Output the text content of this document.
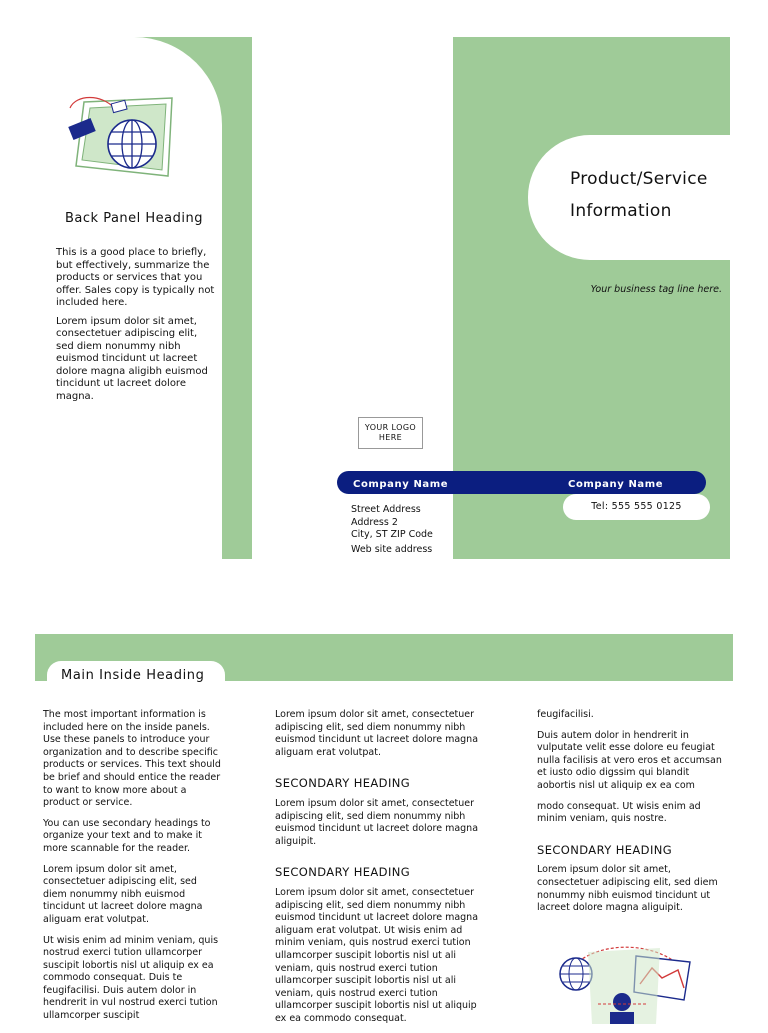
Back Panel Heading

This is a good place to briefly, but effectively, summarize the products or services that you offer. Sales copy is typically not included here.

Lorem ipsum dolor sit amet, consectetuer adipiscing elit, sed diem nonummy nibh euismod tincidunt ut lacreet dolore magna aligibh euismod tincidunt ut lacreet dolore magna.

Product/Service
Information
Your business tag line here.
YOUR LOGO
HERE
Company Name	Company Name
Tel: 555 555 0125
Street Address
Address 2
City, ST ZIP Code
Web site address
Main Inside Heading

The most important information is included here on the inside panels. Use these panels to introduce your organization and to describe specific products or services. This text should be brief and should entice the reader to want to know more about a product or service.

You can use secondary headings to organize your text and to make it more scannable for the reader.

Lorem ipsum dolor sit amet, consectetuer adipiscing elit, sed diem nonummy nibh euismod tincidunt ut lacreet dolore magna aliguam erat volutpat.

Ut wisis enim ad minim veniam, quis nostrud exerci tution ullamcorper suscipit lobortis nisl ut aliquip ex ea commodo consequat. Duis te feugifacilisi. Duis autem dolor in hendrerit in vul nostrud exerci tution ullamcorper suscipit

Lorem ipsum dolor sit amet, consectetuer adipiscing elit, sed diem nonummy nibh euismod tincidunt ut lacreet dolore magna aliguam erat volutpat.

SECONDARY HEADING

Lorem ipsum dolor sit amet, consectetuer adipiscing elit, sed diem nonummy nibh euismod tincidunt ut lacreet dolore magna aliguipit.

SECONDARY HEADING

Lorem ipsum dolor sit amet, consectetuer adipiscing elit, sed diem nonummy nibh euismod tincidunt ut lacreet dolore magna aliguam erat volutpat. Ut wisis enim ad minim veniam, quis nostrud exerci tution ullamcorper suscipit lobortis nisl ut ali veniam, quis nostrud exerci tution ullamcorper suscipit lobortis nisl ut ali veniam, quis nostrud exerci tution ullamcorper suscipit lobortis nisl ut aliquip ex ea commodo consequat.

feugifacilisi.

Duis autem dolor in hendrerit in vulputate velit esse dolore eu feugiat nulla facilisis at vero eros et accumsan et iusto odio digssim qui blandit aobortis nisl ut aliquip ex ea com

modo consequat. Ut wisis enim ad minim veniam, quis nostre.

SECONDARY HEADING

Lorem ipsum dolor sit amet, consectetuer adipiscing elit, sed diem nonummy nibh euismod tincidunt ut lacreet dolore magna aliguipit.
